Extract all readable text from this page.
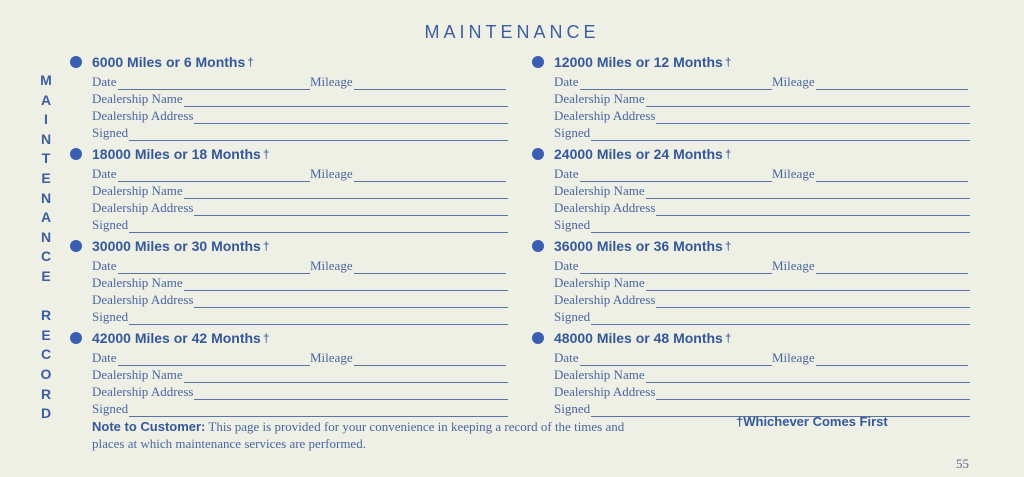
MAINTENANCE
M
A
I
N
T
E
N
A
N
C
E
R
E
C
O
R
D
6000 Miles or 6 Months †
Date	Mileage
Dealership Name
Dealership Address
Signed
18000 Miles or 18 Months †
Date	Mileage
Dealership Name
Dealership Address
Signed
30000 Miles or 30 Months †
Date	Mileage
Dealership Name
Dealership Address
Signed
42000 Miles or 42 Months †
Date	Mileage
Dealership Name
Dealership Address
Signed
12000 Miles or 12 Months †
Date	Mileage
Dealership Name
Dealership Address
Signed
24000 Miles or 24 Months †
Date	Mileage
Dealership Name
Dealership Address
Signed
36000 Miles or 36 Months †
Date	Mileage
Dealership Name
Dealership Address
Signed
48000 Miles or 48 Months †
Date	Mileage
Dealership Name
Dealership Address
Signed
Note to Customer: This page is provided for your convenience in keeping a record of the times and places at which maintenance services are performed.
†Whichever Comes First
55
